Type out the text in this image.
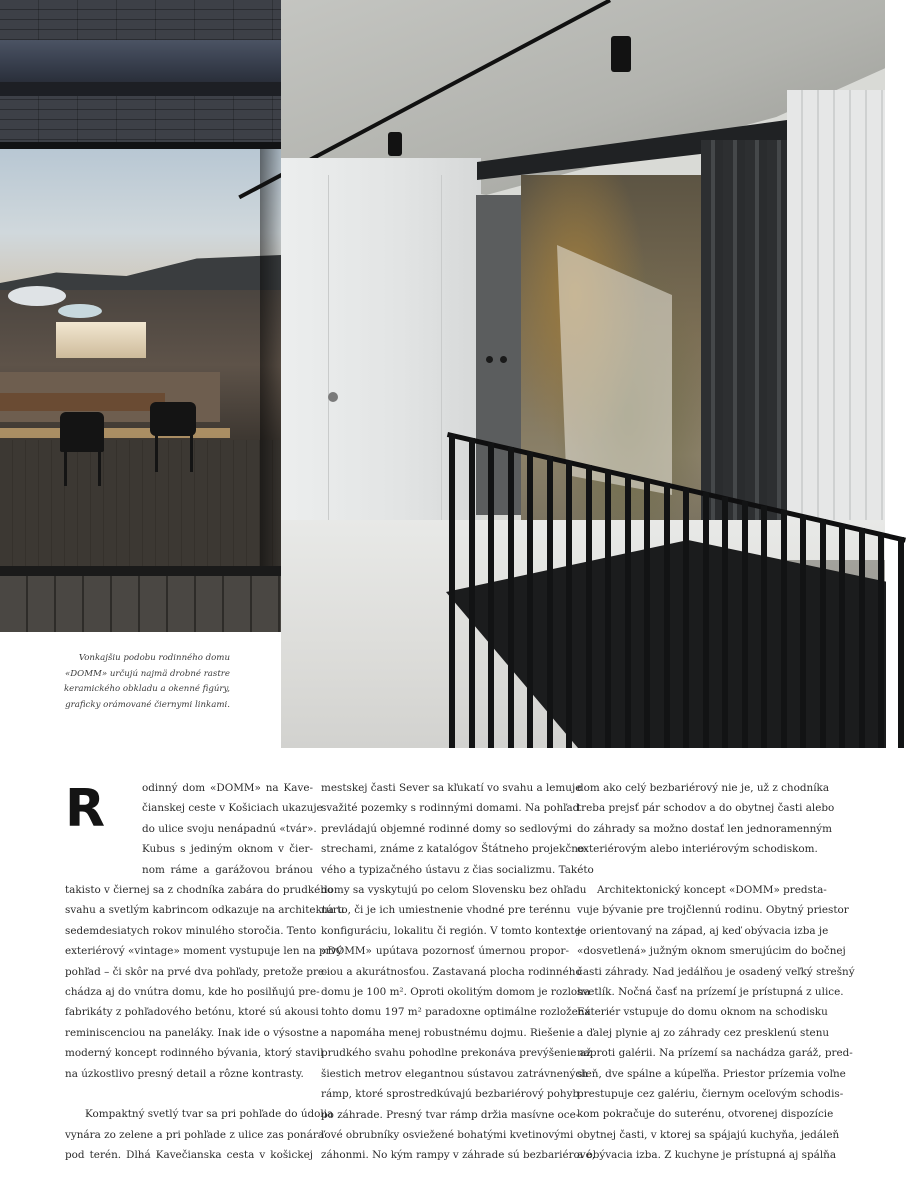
Vonkajšiu podobu rodinného domu
«DOMM» určujú najmä drobné rastre
keramického obkladu a okenné figúry,
graficky orámované čiernymi linkami.
R	odinný dom «DOMM» na Kave-
čianskej ceste v Košiciach ukazuje
do ulice svoju nenápadnú «tvár».
Kubus s jediným oknom v čier-
nom ráme a garážovou bránou
takisto v čiernej sa z chodníka zabára do prudkého
svahu a svetlým kabrincom odkazuje na architektúru
sedemdesiatych rokov minulého storočia. Tento
exteriérový «vintage» moment vystupuje len na prvý
pohľad – či skôr na prvé dva pohľady, pretože pre-
chádza aj do vnútra domu, kde ho posilňujú pre-
fabrikáty z pohľadového betónu, ktoré sú akousi
reminiscenciou na paneláky. Inak ide o výsostne
moderný koncept rodinného bývania, ktorý stavil
na úzkostlivo presný detail a rôzne kontrasty.
Kompaktný svetlý tvar sa pri pohľade do údolia
vynára zo zelene a pri pohľade z ulice zas ponára
pod terén. Dlhá Kavečianska cesta v košickej
mestskej časti Sever sa kľukatí vo svahu a lemuje
svažité pozemky s rodinnými domami. Na pohľad
prevládajú objemné rodinné domy so sedlovými
strechami, známe z katalógov Štátneho projekčno-
vého a typizačného ústavu z čias socializmu. Takéto
domy sa vyskytujú po celom Slovensku bez ohľadu
na to, či je ich umiestnenie vhodné pre terénnu
konfiguráciu, lokalitu či región. V tomto kontexte
«DOMM» upútava pozornosť úmernou propor-
ciou a akurátnosťou. Zastavaná plocha rodinného
domu je 100 m². Oproti okolitým domom je rozloha
tohto domu 197 m² paradoxne optimálne rozložená
a napomáha menej robustnému dojmu. Riešenie
prudkého svahu pohodlne prekonáva prevýšenie až
šiestich metrov elegantnou sústavou zatrávnených
rámp, ktoré sprostredkúvajú bezbariérový pohyb
po záhrade. Presný tvar rámp držia masívne oce-
ľové obrubníky osviežené bohatými kvetinovými
záhonmi. No kým rampy v záhrade sú bezbariérové,
dom ako celý bezbariérový nie je, už z chodníka
treba prejsť pár schodov a do obytnej časti alebo
do záhrady sa možno dostať len jednoramenným
exteriérovým alebo interiérovým schodiskom.
Architektonický koncept «DOMM» predsta-
vuje bývanie pre trojčlennú rodinu. Obytný priestor
je orientovaný na západ, aj keď obývacia izba je
«dosvetlená» južným oknom smerujúcim do bočnej
časti záhrady. Nad jedálňou je osadený veľký strešný
svetlík. Nočná časť na prízemí je prístupná z ulice.
Exteriér vstupuje do domu oknom na schodisku
a ďalej plynie aj zo záhrady cez presklenú stenu
naproti galérii. Na prízemí sa nachádza garáž, pred-
sieň, dve spálne a kúpeľňa. Priestor prízemia voľne
prestupuje cez galériu, čiernym oceľovým schodis-
kom pokračuje do suterénu, otvorenej dispozície
obytnej časti, v ktorej sa spájajú kuchyňa, jedáleň
a obývacia izba. Z kuchyne je prístupná aj spálňa
